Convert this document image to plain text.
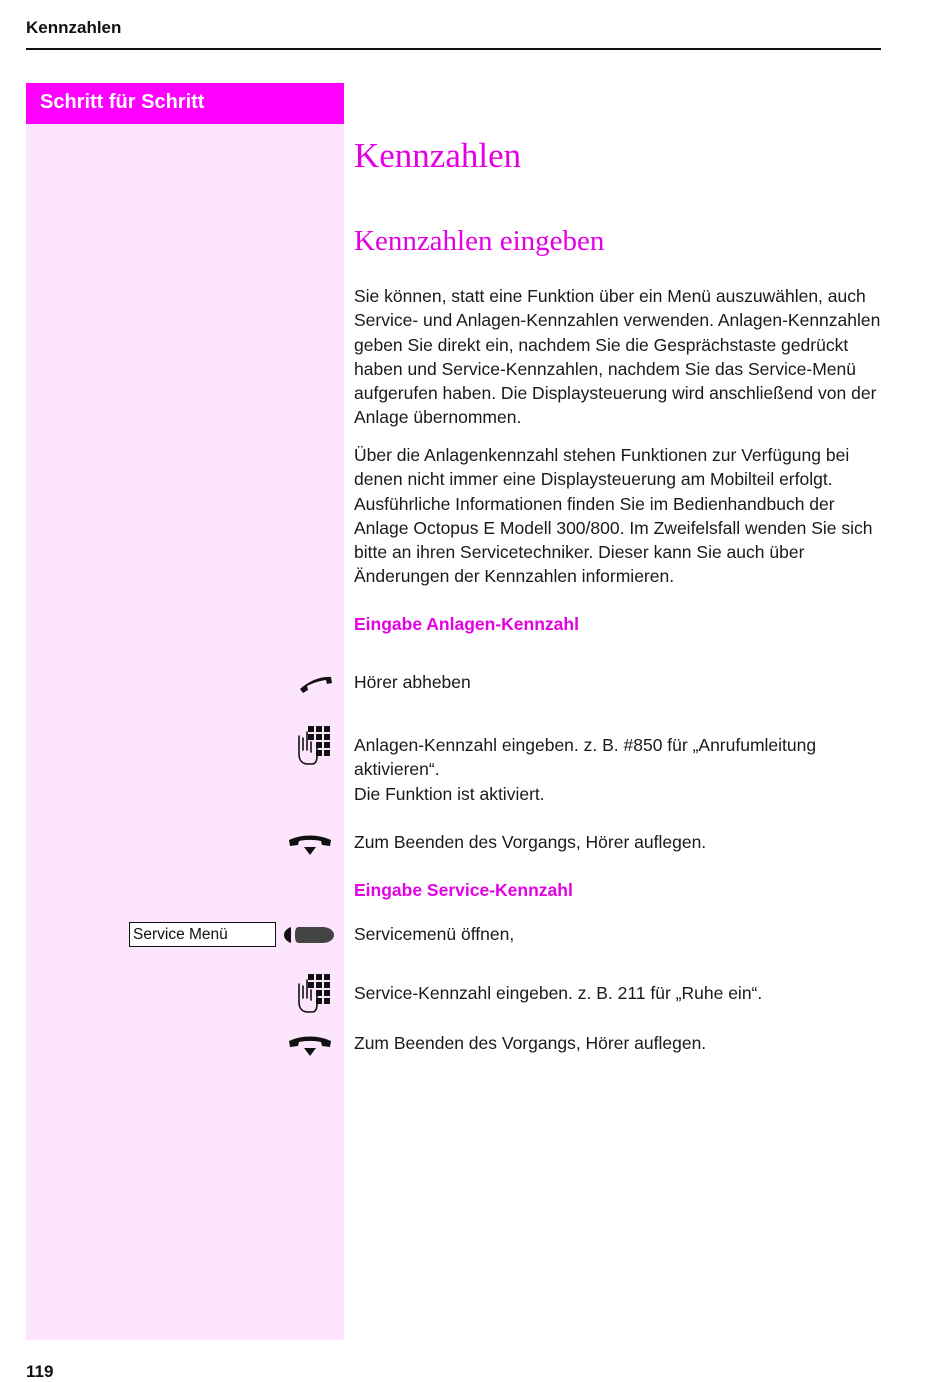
Kennzahlen
Schritt für Schritt
Kennzahlen
Kennzahlen eingeben

Sie können, statt eine Funktion über ein Menü auszuwählen, auch Service- und Anlagen-Kennzahlen verwenden. Anlagen-Kennzahlen geben Sie direkt ein, nachdem Sie die Gesprächstaste gedrückt haben und Service-Kennzahlen, nachdem Sie das Service-Menü aufgerufen haben. Die Displaysteuerung wird anschließend von der Anlage übernommen.

Über die Anlagenkennzahl stehen Funktionen zur Verfügung bei denen nicht immer eine Displaysteuerung am Mobilteil erfolgt. Ausführliche Informationen finden Sie im Bedienhandbuch der Anlage Octopus E Modell 300/800. Im Zweifelsfall wenden Sie sich bitte an ihren Servicetechniker. Dieser kann Sie auch über Änderungen der Kennzahlen informieren.

Eingabe Anlagen-Kennzahl
Hörer abheben
Anlagen-Kennzahl eingeben. z. B. #850 für „Anrufumleitung aktivieren“.
Die Funktion ist aktiviert.
Zum Beenden des Vorgangs, Hörer auflegen.
Eingabe Service-Kennzahl
Service Menü	Servicemenü öffnen,
Service-Kennzahl eingeben. z. B. 211 für „Ruhe ein“.
Zum Beenden des Vorgangs, Hörer auflegen.
119
